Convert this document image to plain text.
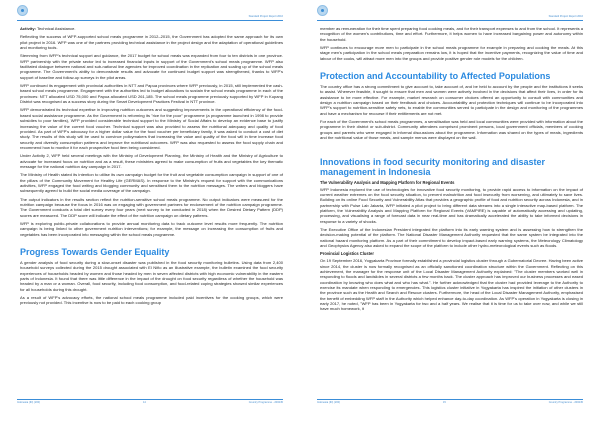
Standard Project Report 2016

Activity: Technical Assistance.

Reflecting the success of WFP-supported school meals programme in 2012–2015, the Government has adopted the same approach for its own pilot project in 2016. WFP was one of the partners providing technical assistance in the project design and the adaptation of operational guidelines and monitoring tools.

Stemming from WFP's technical support and guidance, the 2017 budget for school meals was expanded from four to ten districts in one province. WFP partnership with the private sector led to increased financial inputs in support of the Government's school meals programme. WFP also facilitated dialogue between national and sub-national line agencies for improved coordination in the replication and scaling up of the school meals programme. The Government's ability to demonstrate results and advocate for continued budget support was strengthened, thanks to WFP's support of baseline and follow-up surveys in the pilot areas.

WFP continued its engagement with provincial authorities in NTT and Papua provinces where WFP previously, in 2015, still implemented the cash-based school meals programme. Engagement with the authorities led to budget allocations to sustain the school meals programme in each of the provinces: NTT allocated USD 75,000 and Papua allocated USD 261,185. The school meals programme previously supported by WFP in Kupang District was recognised as a success story during the Smart Development Practices Festival in NTT province.

WFP demonstrated its technical expertise in improving nutrition outcomes and suggesting improvements in the operational efficiency of the food-based social assistance programme. As the Government is reforming its "rice for the poor" programme (a programme launched in 1998 to provide subsidies to poor families), WFP provided considerable technical support to the Ministry of Social Affairs to develop an evidence base to justify increasing the value of the current food voucher. Technical support was also provided to assess the nutritional adequacy and quality of food provided. As part of WFP's advocacy for a higher dollar value for the food voucher per beneficiary family, it was asked to conduct a cost of diet study. The results of this study will be used to convince policymakers that increasing the value and quality of the food will in time increase food security and diversify consumption patterns and improve the nutritional outcomes. WFP was also requested to assess the food supply chain and recommend how to monitor it for each prospective food item being considered.

Under Activity 2, WFP held several meetings with the Ministry of Development Planning, the Ministry of Health and the Ministry of Agriculture to advocate for increased focus on nutrition and as a result, these ministries agreed to make consumption of fruits and vegetables the key thematic message for the national nutrition day campaign in 2017.

The Ministry of Health stated its intention to utilise its own campaign budget for the fruit and vegetable consumption campaign in support of one of the pillars of the Community Movement for Healthy Life (GERMAS). In response to the Ministry's request for support with the communications activities, WFP engaged the food writing and blogging community and sensitised them to the nutrition messages. The writers and bloggers have subsequently agreed to build the social media coverage of the campaign.

The output indicators in the results section reflect the nutrition-sensitive school meals programme. No output indicators were measured for the nutrition campaign because the focus in 2016 was on engaging with government partners for endorsement of the nutrition campaign programme. The Government conducts a total diet survey every four years (next survey to be conducted in 2018) when the Desired Dietary Pattern (DDP) scores are measured. The DDP score will indicate the effect of the nutrition campaign on dietary patterns.

WFP is exploring public-private collaborations to provide annual monitoring data to track outcome level results more frequently. The nutrition campaign is being linked to other government nutrition interventions; for example, the message on increasing the consumption of fruits and vegetables has been incorporated into messaging within the school meals programme.

Progress Towards Gender Equality

A gender analysis of food security during a slow-onset disaster was published in the food security monitoring bulletins. Using data from 2,400 household surveys collected during the 2015 drought associated with El Niño as an illustrative example, the bulletin examined the food security experiences of households headed by women and those headed by men in seven affected districts with high economic vulnerability in the eastern parts of Indonesia. It found that there was little difference in the impact of the drought on food security regardless of whether the household was headed by a man or a woman. Overall, food security, including food consumption, and food-related coping strategies showed similar experiences for all households during this drought.

As a result of WFP's advocacy efforts, the national school meals programme included paid incentives for the cooking groups, which were previously not provided. This incentive is now to be paid to each cooking group

Indonesia (ID) (200)	14	Country Programme - 200245
Standard Project Report 2016

member as remuneration for their time spent preparing food cooking meals, and for their transport expenses to and from the school. It represents a recognition of the women's contributions, time and effort. Furthermore, it helps women to have increased bargaining power and autonomy within the household.

WFP continues to encourage more men to participate in the school meals programme for example in preparing and cooking the meals. At this stage men's participation in the school meals preparation remains low, it is hoped that the incentive payments, recognizing the value of time and labour of the cooks, will attract more men into the groups and provide positive gender role models for the children.

Protection and Accountability to Affected Populations

The country office has a strong commitment to give account to, take account of, and be held to account by the people and the institutions it seeks to assist. Wherever feasible, it sought to ensure that men and women were actively involved in the decisions that affect their lives, in order for its assistance to be more effective. For example, market research on consumer choices offered an opportunity to consult with communities and design a nutrition campaign based on their feedback and choices. Accountability and protection techniques will continue to be incorporated into WFP's support to nutrition-sensitive safety nets, to enable the communities served to participate in the design and monitoring of the programmes and have a mechanism for recourse if their entitlements are not met.

For each of the Government's school meals programmes, a sensitisation was held and local communities were provided with information about the programme in their district or sub-district. Community attendees comprised prominent persons, local government officials, members of cooking groups and parents who were engaged in informal discussions about the programme. Information was shared on the types of meals, ingredients and the nutritional value of those meals, and sample menus were displayed on the wall.

Innovations in food security monitoring and disaster management in Indonesia
The Vulnerability Analysis and Mapping Platform for Regional Events

WFP Indonesia explored the use of technologies for innovative food security monitoring, to provide rapid access to information on the impact of current weather extremes on the food security situation, to prevent malnutrition and food insecurity from worsening, and ultimately to save lives. Building on its online Food Security and Vulnerability Atlas that provides a geographic profile of food and nutrition security across Indonesia, and in partnership with Pulse Lab Jakarta, WFP initiated a pilot project to bring different data streams into a single interactive map-based platform. The platform, the Vulnerability Analysis and Mapping Platform for Regional Events (VAMPIRE) is capable of automatically accessing and updating, processing, and visualising a range of forecast data in near real-time and has dramatically accelerated the ability to take informed decisions in response to a variety of shocks.

The Executive Office of the Indonesian President integrated the platform into its early warning system and is assessing how to strengthen the decision-making potential of the platform. The National Disaster Management Authority requested that the same system be integrated into the national hazard monitoring platform. As a part of their commitment to develop impact-based early warning systems, the Meteorology Climatology and Geophysics Agency also asked to expand the scope of the platform to include other hydro-meteorological events such as floods.

Provincial Logistics Cluster

On 19 September 2016, Yogyakarta Province formally established a provincial logistics cluster through a Gubernatorial Decree. Having been active since 2014, the cluster is now formally recognised as an officially sanctioned coordination structure within the Government. Reflecting on this achievement, the manager for the response unit of the Local Disaster Management Authority explained: "The cluster members worked well in responding to floods and landslides in several districts a few months back. The cluster approach has improved our business processes and eased coordination by knowing who does what and who has what.". He further acknowledged that the cluster had provided leverage to the Authority to exercise its mandate when responding to emergencies. This logistics cluster initiative in Yogyakarta has inspired the initiation of other clusters in the province such as the Health and Search and Rescue clusters. Furthermore, the head of the Local Disaster Management Authority, emphasised the benefit of embedding WFP staff in the Authority which helped enhance day-to-day coordination. As WFP's operation in Yogyakarta is closing in early 2017, he noted, "WFP has been in Yogyakarta for two and a half years. We realise that it is time for us to take over now, and while we still have much homework, it

Indonesia (ID) (200)	15	Country Programme - 200245
